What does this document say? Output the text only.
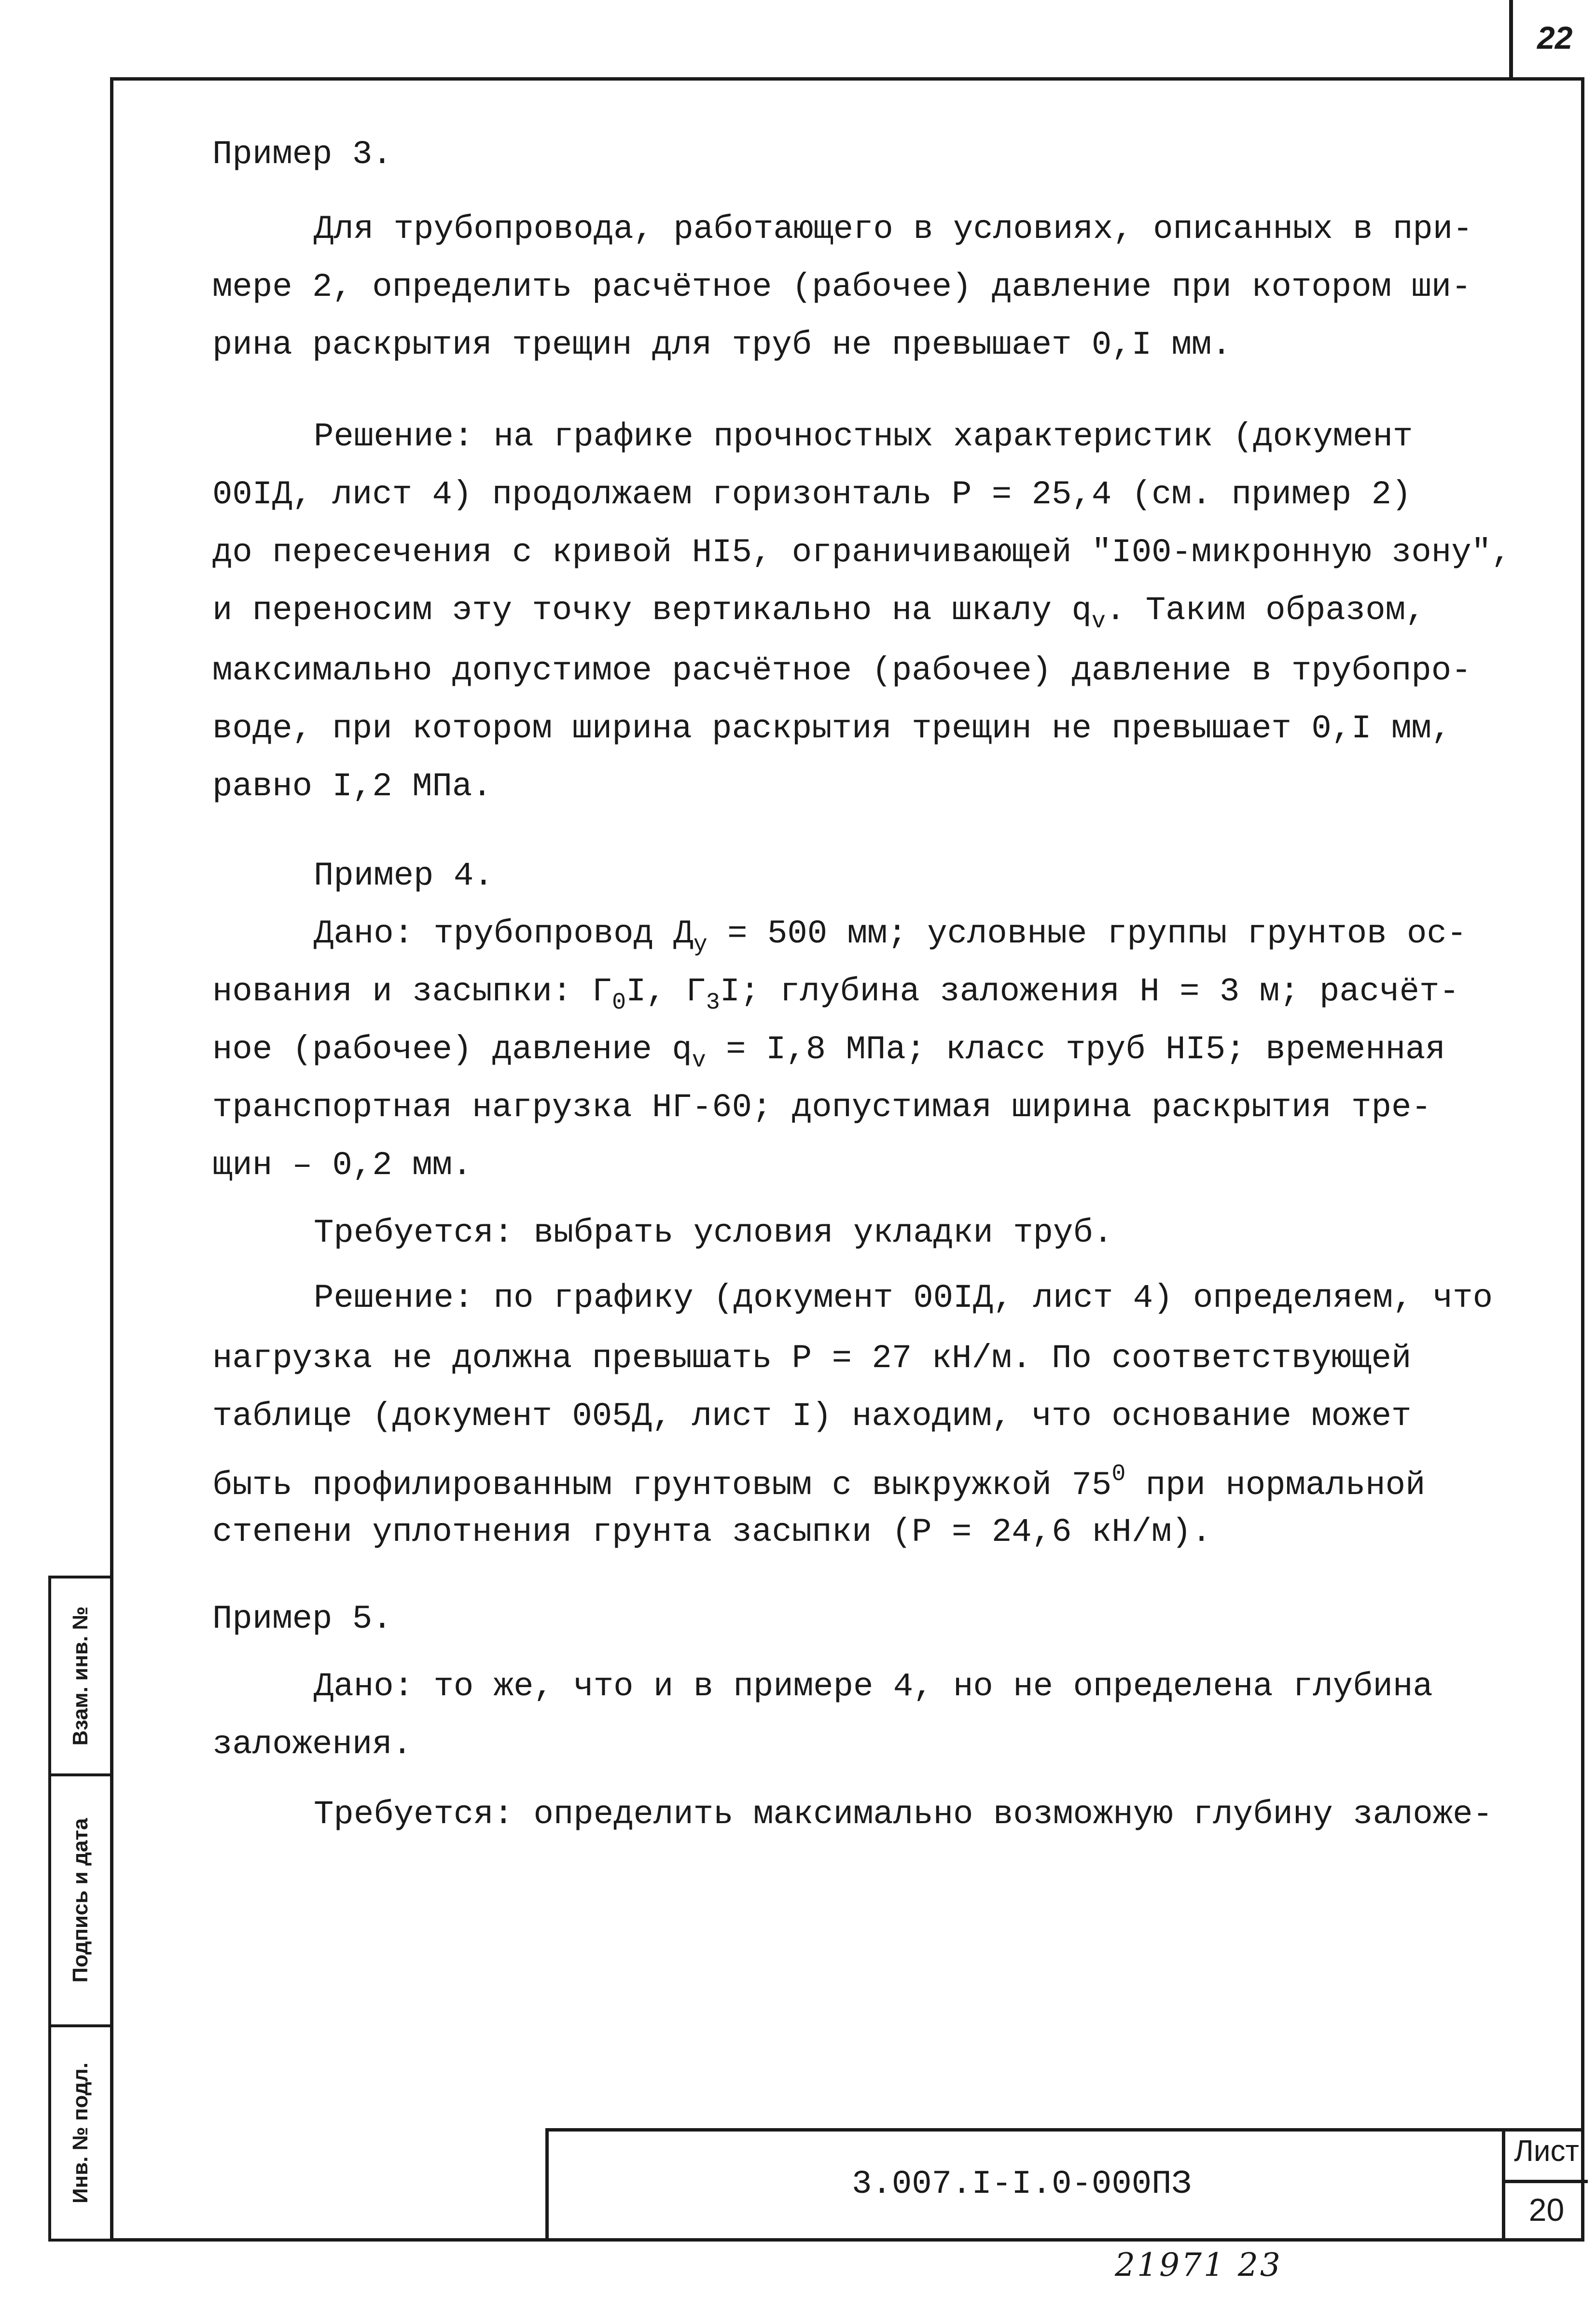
22
Пример 3.
Для трубопровода, работающего в условиях, описанных в при-
мере 2, определить расчётное (рабочее) давление при котором ши-
рина раскрытия трещин для труб не превышает 0,I мм.
Решение: на графике прочностных характеристик (документ
00IД, лист 4) продолжаем горизонталь P = 25,4 (см. пример 2)
до пересечения с кривой НI5, ограничивающей "I00-микронную зону",
и переносим эту точку вертикально на шкалу $q_v$. Таким образом,
максимально допустимое расчётное (рабочее) давление в трубопро-
воде, при котором ширина раскрытия трещин не превышает 0,I мм,
равно I,2 МПа.
Пример 4.
Дано: трубопровод $Д_у = 500$ мм; условные группы грунтов ос-
нования и засыпки: $Г_0I$, $Г_3I$; глубина заложения Н = 3 м; расчёт-
ное (рабочее) давление $q_v = I,8$ МПа; класс труб НI5; временная
транспортная нагрузка НГ-60; допустимая ширина раскрытия тре-
щин – 0,2 мм.
Требуется: выбрать условия укладки труб.
Решение: по графику (документ 00IД, лист 4) определяем, что
нагрузка не должна превышать P = 27 кН/м. По соответствующей
таблице (документ 005Д, лист I) находим, что основание может
быть профилированным грунтовым с выкружкой $75^0$ при нормальной
степени уплотнения грунта засыпки (P = 24,6 кН/м).
Пример 5.
Дано: то же, что и в примере 4, но не определена глубина
заложения.
Требуется: определить максимально возможную глубину заложе-
Взам. инв. №
Подпись и дата
Инв. № подл.	3.007.I-I.0-000ПЗ
Лист
20
21971 23
